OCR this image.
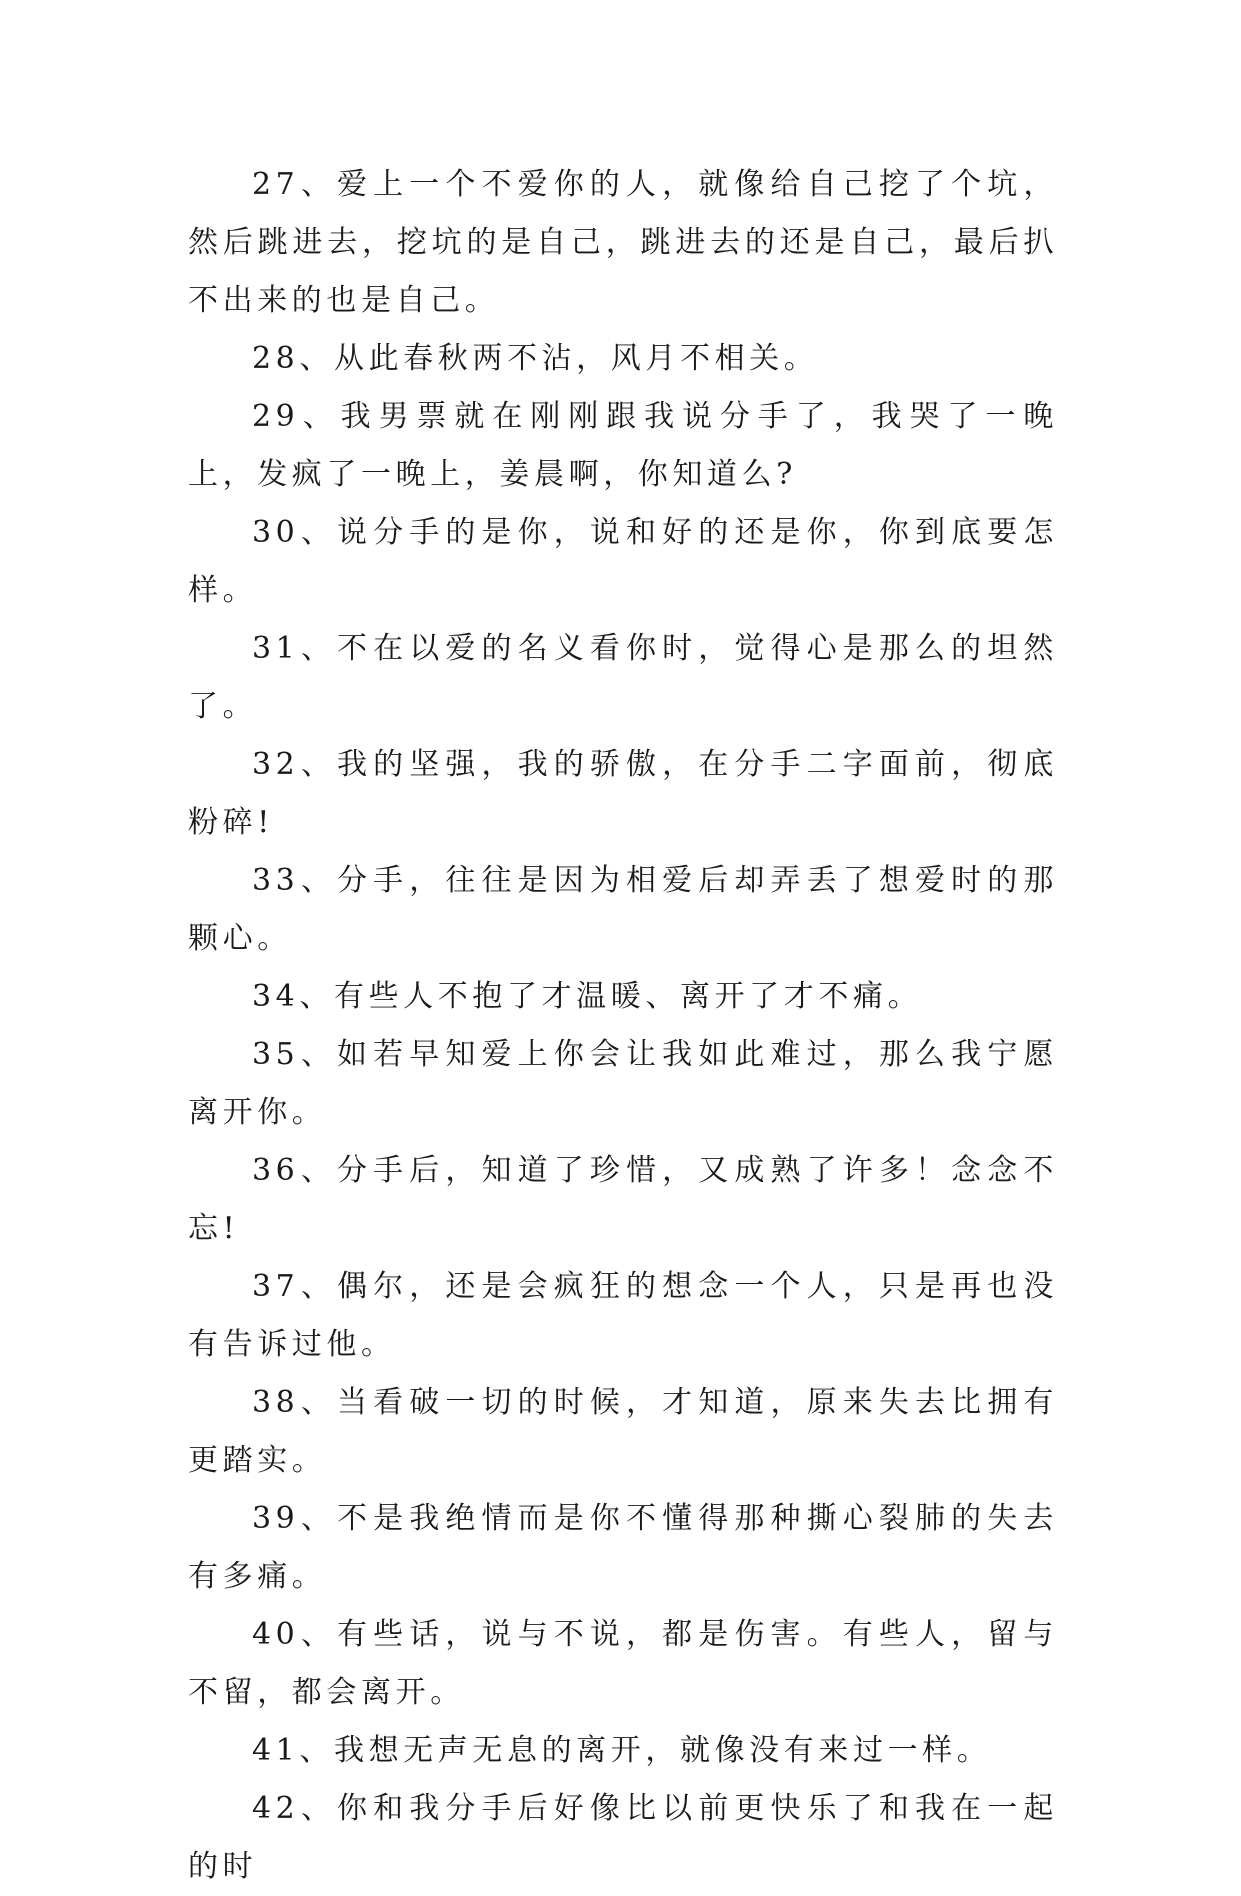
27、爱上一个不爱你的人，就像给自己挖了个坑，然后跳进去，挖坑的是自己，跳进去的还是自己，最后扒不出来的也是自己。

28、从此春秋两不沾，风月不相关。

29、我男票就在刚刚跟我说分手了，我哭了一晚上，发疯了一晚上，姜晨啊，你知道么?

30、说分手的是你，说和好的还是你，你到底要怎样。

31、不在以爱的名义看你时，觉得心是那么的坦然了。

32、我的坚强，我的骄傲，在分手二字面前，彻底粉碎!

33、分手，往往是因为相爱后却弄丢了想爱时的那颗心。

34、有些人不抱了才温暖、离开了才不痛。

35、如若早知爱上你会让我如此难过，那么我宁愿离开你。

36、分手后，知道了珍惜，又成熟了许多！念念不忘!

37、偶尔，还是会疯狂的想念一个人，只是再也没有告诉过他。

38、当看破一切的时候，才知道，原来失去比拥有更踏实。

39、不是我绝情而是你不懂得那种撕心裂肺的失去有多痛。

40、有些话，说与不说，都是伤害。有些人，留与不留，都会离开。

41、我想无声无息的离开，就像没有来过一样。

42、你和我分手后好像比以前更快乐了和我在一起的时
